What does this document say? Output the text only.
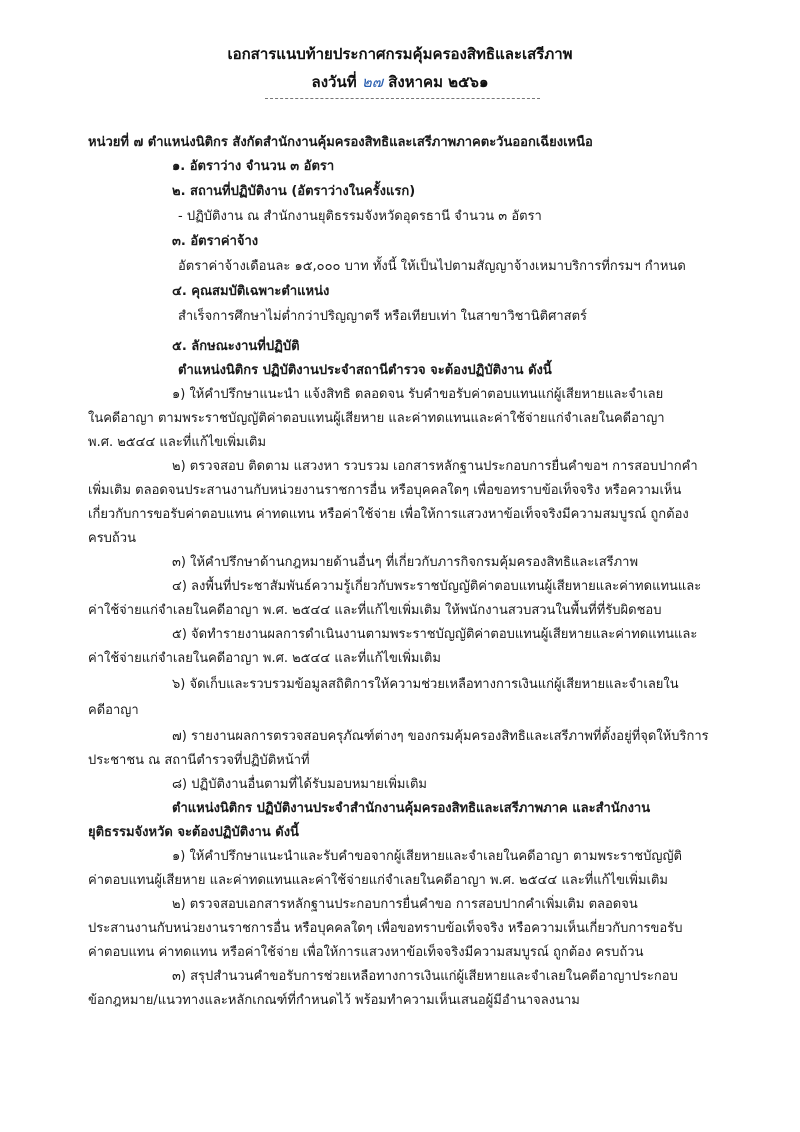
เอกสารแนบท้ายประกาศกรมคุ้มครองสิทธิและเสรีภาพ
ลงวันที่ ๒๗ สิงหาคม ๒๕๖๑
หน่วยที่ ๗ ตำแหน่งนิติกร สังกัดสำนักงานคุ้มครองสิทธิและเสรีภาพภาคตะวันออกเฉียงเหนือ
๑. อัตราว่าง จำนวน ๓ อัตรา
๒. สถานที่ปฏิบัติงาน (อัตราว่างในครั้งแรก)
- ปฏิบัติงาน ณ สำนักงานยุติธรรมจังหวัดอุดรธานี จำนวน ๓ อัตรา
๓. อัตราค่าจ้าง
อัตราค่าจ้างเดือนละ ๑๕,๐๐๐ บาท ทั้งนี้ ให้เป็นไปตามสัญญาจ้างเหมาบริการที่กรมฯ กำหนด
๔. คุณสมบัติเฉพาะตำแหน่ง
สำเร็จการศึกษาไม่ต่ำกว่าปริญญาตรี หรือเทียบเท่า ในสาขาวิชานิติศาสตร์
๕. ลักษณะงานที่ปฏิบัติ
ตำแหน่งนิติกร ปฏิบัติงานประจำสถานีตำรวจ จะต้องปฏิบัติงาน ดังนี้
๑) ให้คำปรึกษาแนะนำ แจ้งสิทธิ ตลอดจน รับคำขอรับค่าตอบแทนแก่ผู้เสียหายและจำเลย
ในคดีอาญา ตามพระราชบัญญัติค่าตอบแทนผู้เสียหาย และค่าทดแทนและค่าใช้จ่ายแก่จำเลยในคดีอาญา
พ.ศ. ๒๕๔๔ และที่แก้ไขเพิ่มเติม
๒) ตรวจสอบ ติดตาม แสวงหา รวบรวม เอกสารหลักฐานประกอบการยื่นคำขอฯ การสอบปากคำ
เพิ่มเติม ตลอดจนประสานงานกับหน่วยงานราชการอื่น หรือบุคคลใดๆ เพื่อขอทราบข้อเท็จจริง หรือความเห็น
เกี่ยวกับการขอรับค่าตอบแทน ค่าทดแทน หรือค่าใช้จ่าย เพื่อให้การแสวงหาข้อเท็จจริงมีความสมบูรณ์ ถูกต้อง
ครบถ้วน
๓) ให้คำปรึกษาด้านกฎหมายด้านอื่นๆ ที่เกี่ยวกับภารกิจกรมคุ้มครองสิทธิและเสรีภาพ
๔) ลงพื้นที่ประชาสัมพันธ์ความรู้เกี่ยวกับพระราชบัญญัติค่าตอบแทนผู้เสียหายและค่าทดแทนและ
ค่าใช้จ่ายแก่จำเลยในคดีอาญา พ.ศ. ๒๕๔๔ และที่แก้ไขเพิ่มเติม ให้พนักงานสวบสวนในพื้นที่ที่รับผิดชอบ
๕) จัดทำรายงานผลการดำเนินงานตามพระราชบัญญัติค่าตอบแทนผู้เสียหายและค่าทดแทนและ
ค่าใช้จ่ายแก่จำเลยในคดีอาญา พ.ศ. ๒๕๔๔ และที่แก้ไขเพิ่มเติม
๖) จัดเก็บและรวบรวมข้อมูลสถิติการให้ความช่วยเหลือทางการเงินแก่ผู้เสียหายและจำเลยใน
คดีอาญา
๗) รายงานผลการตรวจสอบครุภัณฑ์ต่างๆ ของกรมคุ้มครองสิทธิและเสรีภาพที่ตั้งอยู่ที่จุดให้บริการ
ประชาชน ณ สถานีตำรวจที่ปฏิบัติหน้าที่
๘) ปฏิบัติงานอื่นตามที่ได้รับมอบหมายเพิ่มเติม
ตำแหน่งนิติกร ปฏิบัติงานประจำสำนักงานคุ้มครองสิทธิและเสรีภาพภาค และสำนักงาน
ยุติธรรมจังหวัด จะต้องปฏิบัติงาน ดังนี้
๑) ให้คำปรึกษาแนะนำและรับคำขอจากผู้เสียหายและจำเลยในคดีอาญา ตามพระราชบัญญัติ
ค่าตอบแทนผู้เสียหาย และค่าทดแทนและค่าใช้จ่ายแก่จำเลยในคดีอาญา พ.ศ. ๒๕๔๔ และที่แก้ไขเพิ่มเติม
๒) ตรวจสอบเอกสารหลักฐานประกอบการยื่นคำขอ การสอบปากคำเพิ่มเติม ตลอดจน
ประสานงานกับหน่วยงานราชการอื่น หรือบุคคลใดๆ เพื่อขอทราบข้อเท็จจริง หรือความเห็นเกี่ยวกับการขอรับ
ค่าตอบแทน ค่าทดแทน หรือค่าใช้จ่าย เพื่อให้การแสวงหาข้อเท็จจริงมีความสมบูรณ์ ถูกต้อง ครบถ้วน
๓) สรุปสำนวนคำขอรับการช่วยเหลือทางการเงินแก่ผู้เสียหายและจำเลยในคดีอาญาประกอบ
ข้อกฎหมาย/แนวทางและหลักเกณฑ์ที่กำหนดไว้ พร้อมทำความเห็นเสนอผู้มีอำนาจลงนาม
